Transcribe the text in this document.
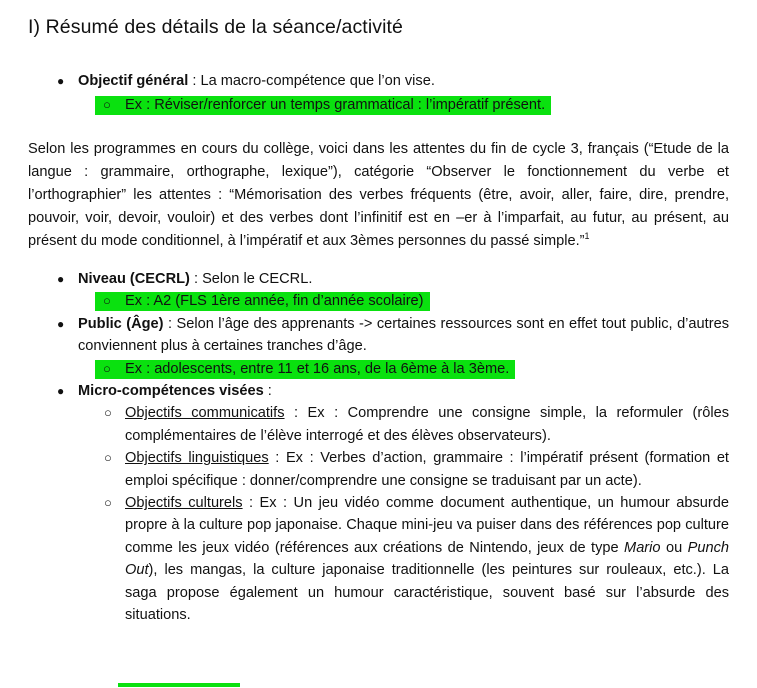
I) Résumé des détails de la séance/activité
● Objectif général : La macro-compétence que l’on vise.
○ Ex : Réviser/renforcer un temps grammatical : l’impératif présent.

Selon les programmes en cours du collège, voici dans les attentes du fin de cycle 3, français (“Etude de la langue : grammaire, orthographe, lexique”), catégorie “Observer le fonctionnement du verbe et l’orthographier” les attentes : “Mémorisation des verbes fréquents (être, avoir, aller, faire, dire, prendre, pouvoir, voir, devoir, vouloir) et des verbes dont l’infinitif est en –er à l’imparfait, au futur, au présent, au présent du mode conditionnel, à l’impératif et aux 3èmes personnes du passé simple.”$^1$

● Niveau (CECRL) : Selon le CECRL.
○ Ex : A2 (FLS 1ère année, fin d’année scolaire)
● Public (Âge) : Selon l’âge des apprenants -> certaines ressources sont en effet tout public, d’autres conviennent plus à certaines tranches d’âge.
○ Ex : adolescents, entre 11 et 16 ans, de la 6ème à la 3ème.
● Micro-compétences visées :
○ Objectifs communicatifs : Ex : Comprendre une consigne simple, la reformuler (rôles complémentaires de l’élève interrogé et des élèves observateurs).
○ Objectifs linguistiques : Ex : Verbes d’action, grammaire : l’impératif présent (formation et emploi spécifique : donner/comprendre une consigne se traduisant par un acte).
○ Objectifs culturels : Ex : Un jeu vidéo comme document authentique, un humour absurde propre à la culture pop japonaise. Chaque mini-jeu va puiser dans des références pop culture comme les jeux vidéo (références aux créations de Nintendo, jeux de type Mario ou Punch Out), les mangas, la culture japonaise traditionnelle (les peintures sur rouleaux, etc.). La saga propose également un humour caractéristique, souvent basé sur l’absurde des situations.
